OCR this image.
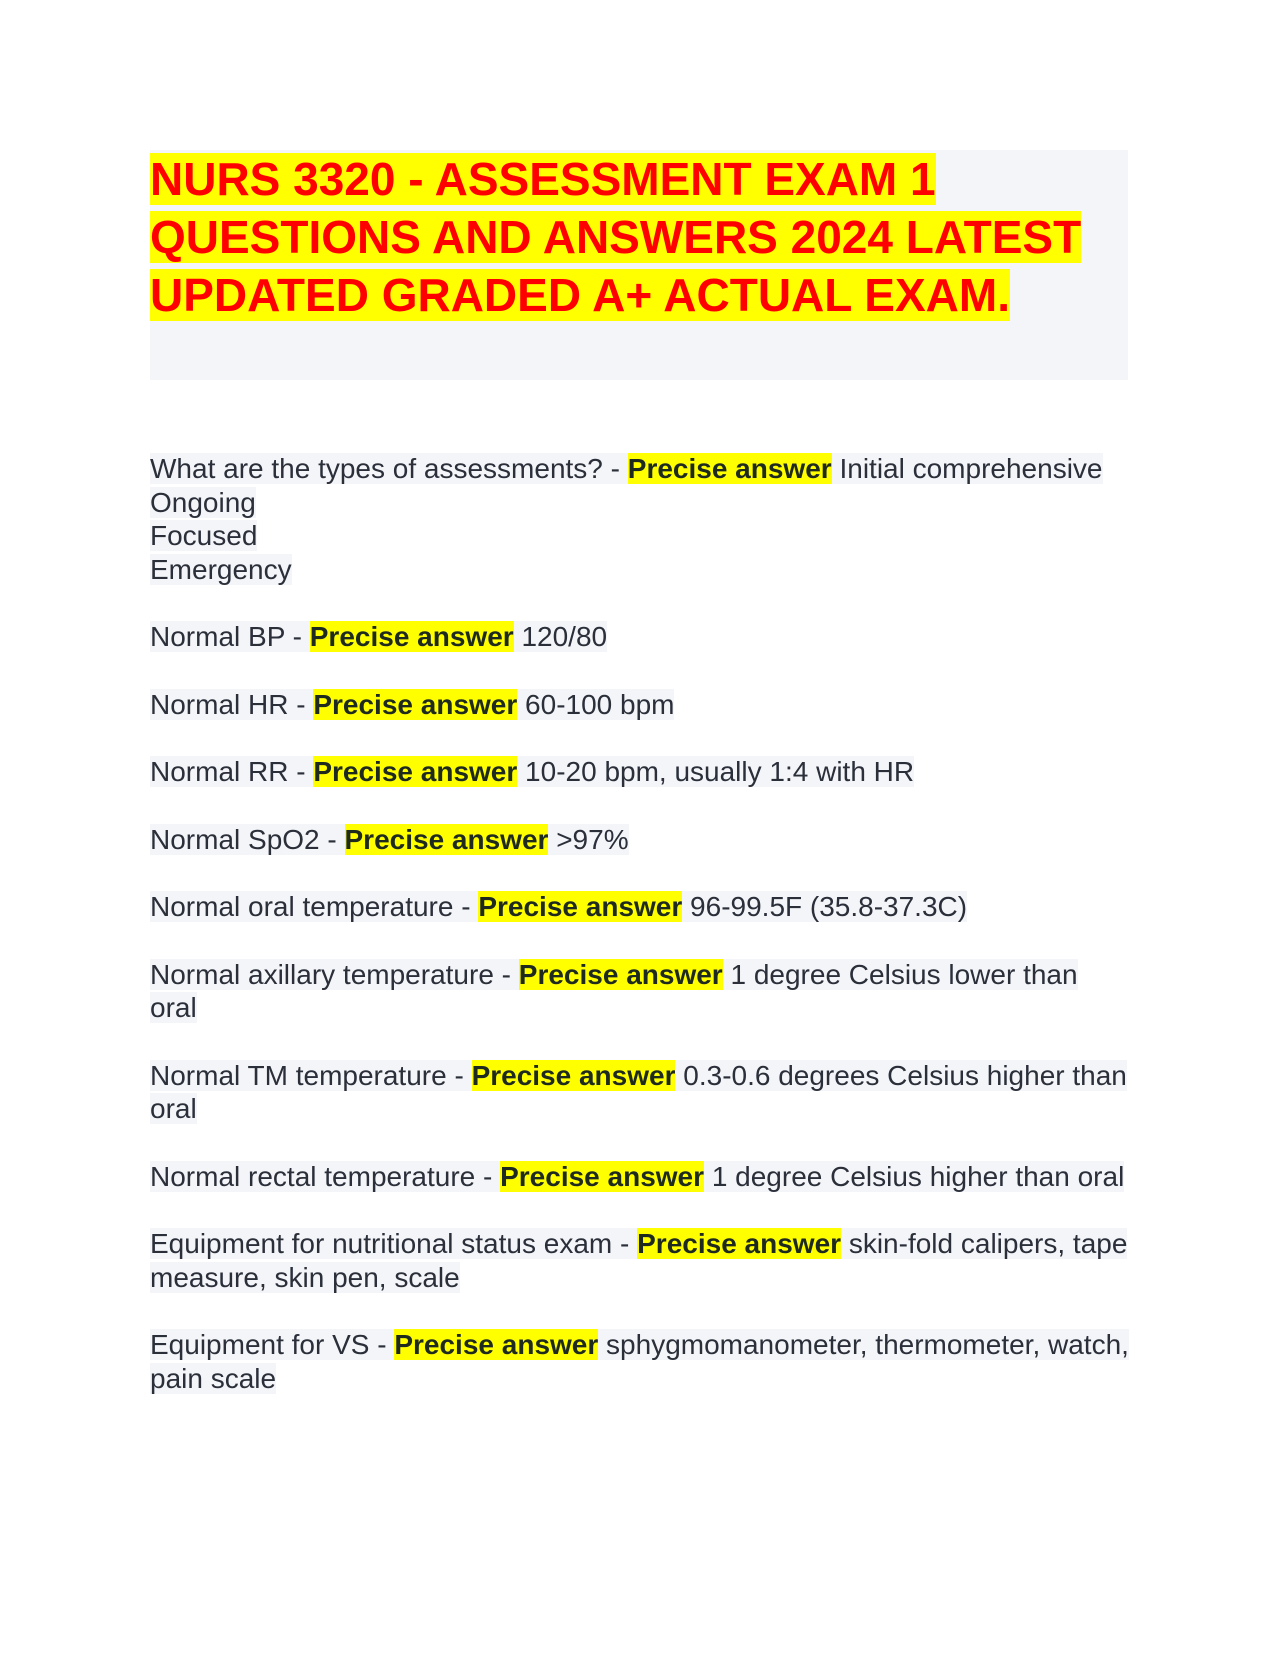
NURS 3320 - ASSESSMENT EXAM 1 QUESTIONS AND ANSWERS 2024 LATEST UPDATED GRADED A+ ACTUAL EXAM.

What are the types of assessments? - Precise answer Initial comprehensive
Ongoing
Focused
Emergency

Normal BP - Precise answer 120/80

Normal HR - Precise answer 60-100 bpm

Normal RR - Precise answer 10-20 bpm, usually 1:4 with HR

Normal SpO2 - Precise answer >97%

Normal oral temperature - Precise answer 96-99.5F (35.8-37.3C)

Normal axillary temperature - Precise answer 1 degree Celsius lower than oral

Normal TM temperature - Precise answer 0.3-0.6 degrees Celsius higher than oral

Normal rectal temperature - Precise answer 1 degree Celsius higher than oral

Equipment for nutritional status exam - Precise answer skin-fold calipers, tape measure, skin pen, scale

Equipment for VS - Precise answer sphygmomanometer, thermometer, watch, pain scale
